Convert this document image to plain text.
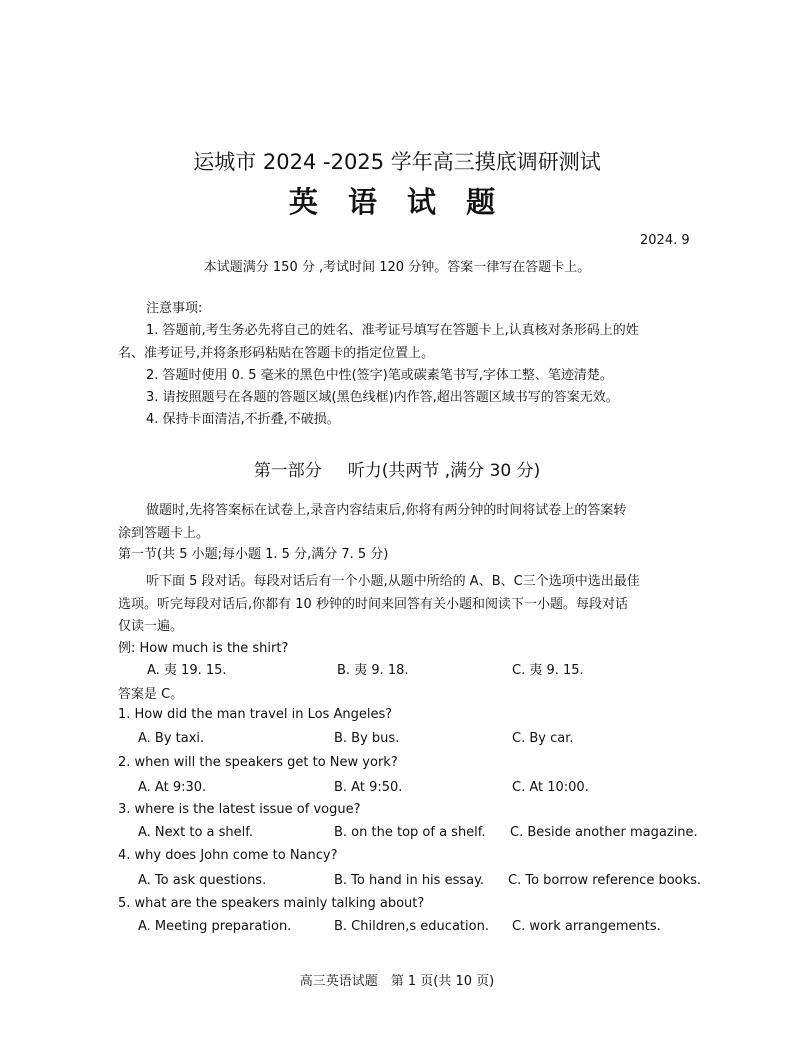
运城市 2024 -2025 学年高三摸底调研测试
英 语 试 题
2024. 9
本试题满分 150 分 ,考试时间 120 分钟。答案一律写在答题卡上。
注意事项:
1. 答题前,考生务必先将自己的姓名、准考证号填写在答题卡上,认真核对条形码上的姓
名、准考证号,并将条形码粘贴在答题卡的指定位置上。
2. 答题时使用 0. 5 毫米的黑色中性(签字)笔或碳素笔书写,字体工整、笔迹清楚。
3. 请按照题号在各题的答题区域(黑色线框)内作答,超出答题区域书写的答案无效。
4. 保持卡面清洁,不折叠,不破损。
第一部分 听力(共两节 ,满分 30 分)
做题时,先将答案标在试卷上,录音内容结束后,你将有两分钟的时间将试卷上的答案转
涂到答题卡上。
第一节(共 5 小题;每小题 1. 5 分,满分 7. 5 分)
听下面 5 段对话。每段对话后有一个小题,从题中所给的 A、B、C三个选项中选出最佳
选项。听完每段对话后,你都有 10 秒钟的时间来回答有关小题和阅读下一小题。每段对话
仅读一遍。
例: How much is the shirt?
A. 夷 19. 15.	B. 夷 9. 18.	C. 夷 9. 15.
答案是 C。
1. How did the man travel in Los Angeles?
A. By taxi.	B. By bus.	C. By car.
2. when will the speakers get to New york?
A. At 9:30.	B. At 9:50.	C. At 10:00.
3. where is the latest issue of vogue?
A. Next to a shelf.	B. on the top of a shelf. C. Beside another magazine.
4. why does John come to Nancy?
A. To ask questions.	B. To hand in his essay. C. To borrow reference books.
5. what are the speakers mainly talking about?
A. Meeting preparation.	B. Children,s education. C. work arrangements.
高三英语试题　第 1 页(共 10 页)
